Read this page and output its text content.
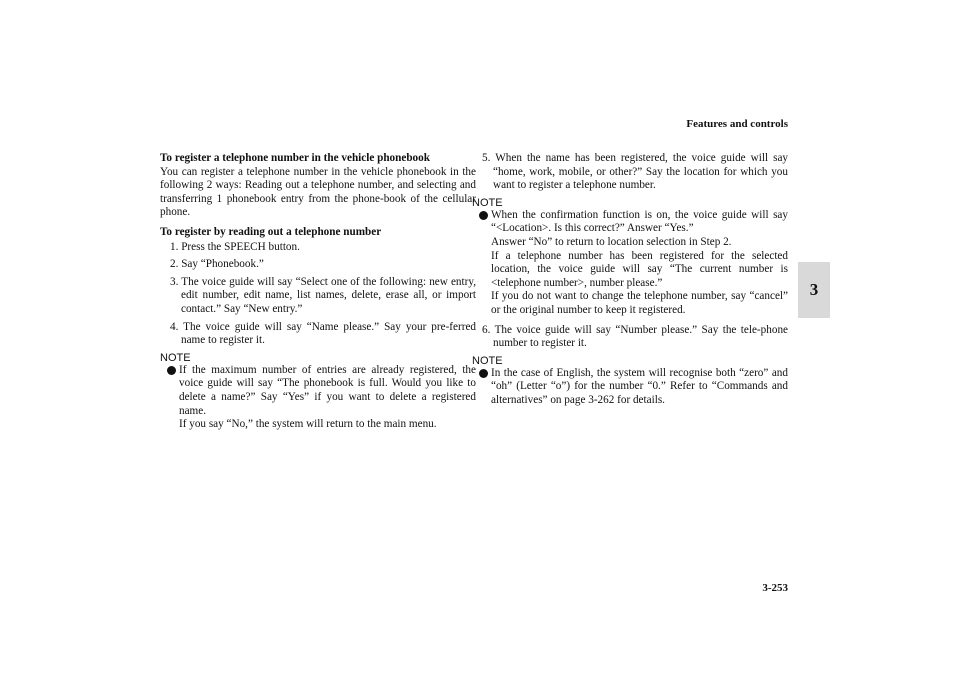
Features and controls
3
3-253

To register a telephone number in the vehicle phonebook

You can register a telephone number in the vehicle phonebook in the following 2 ways: Reading out a telephone number, and selecting and transferring 1 phonebook entry from the phone-book of the cellular phone.

To register by reading out a telephone number

1. Press the SPEECH button.

2. Say “Phonebook.”

3. The voice guide will say “Select one of the following: new entry, edit number, edit name, list names, delete, erase all, or import contact.” Say “New entry.”

4. The voice guide will say “Name please.” Say your pre-ferred name to register it.

NOTE

If the maximum number of entries are already registered, the voice guide will say “The phonebook is full. Would you like to delete a name?” Say “Yes” if you want to delete a registered name.

If you say “No,” the system will return to the main menu.

5. When the name has been registered, the voice guide will say “home, work, mobile, or other?” Say the location for which you want to register a telephone number.

NOTE

When the confirmation function is on, the voice guide will say “<Location>. Is this correct?” Answer “Yes.”

Answer “No” to return to location selection in Step 2.

If a telephone number has been registered for the selected location, the voice guide will say “The current number is <telephone number>, number please.”

If you do not want to change the telephone number, say “cancel” or the original number to keep it registered.

6. The voice guide will say “Number please.” Say the tele-phone number to register it.

NOTE

In the case of English, the system will recognise both “zero” and “oh” (Letter “o”) for the number “0.” Refer to “Commands and alternatives” on page 3-262 for details.
